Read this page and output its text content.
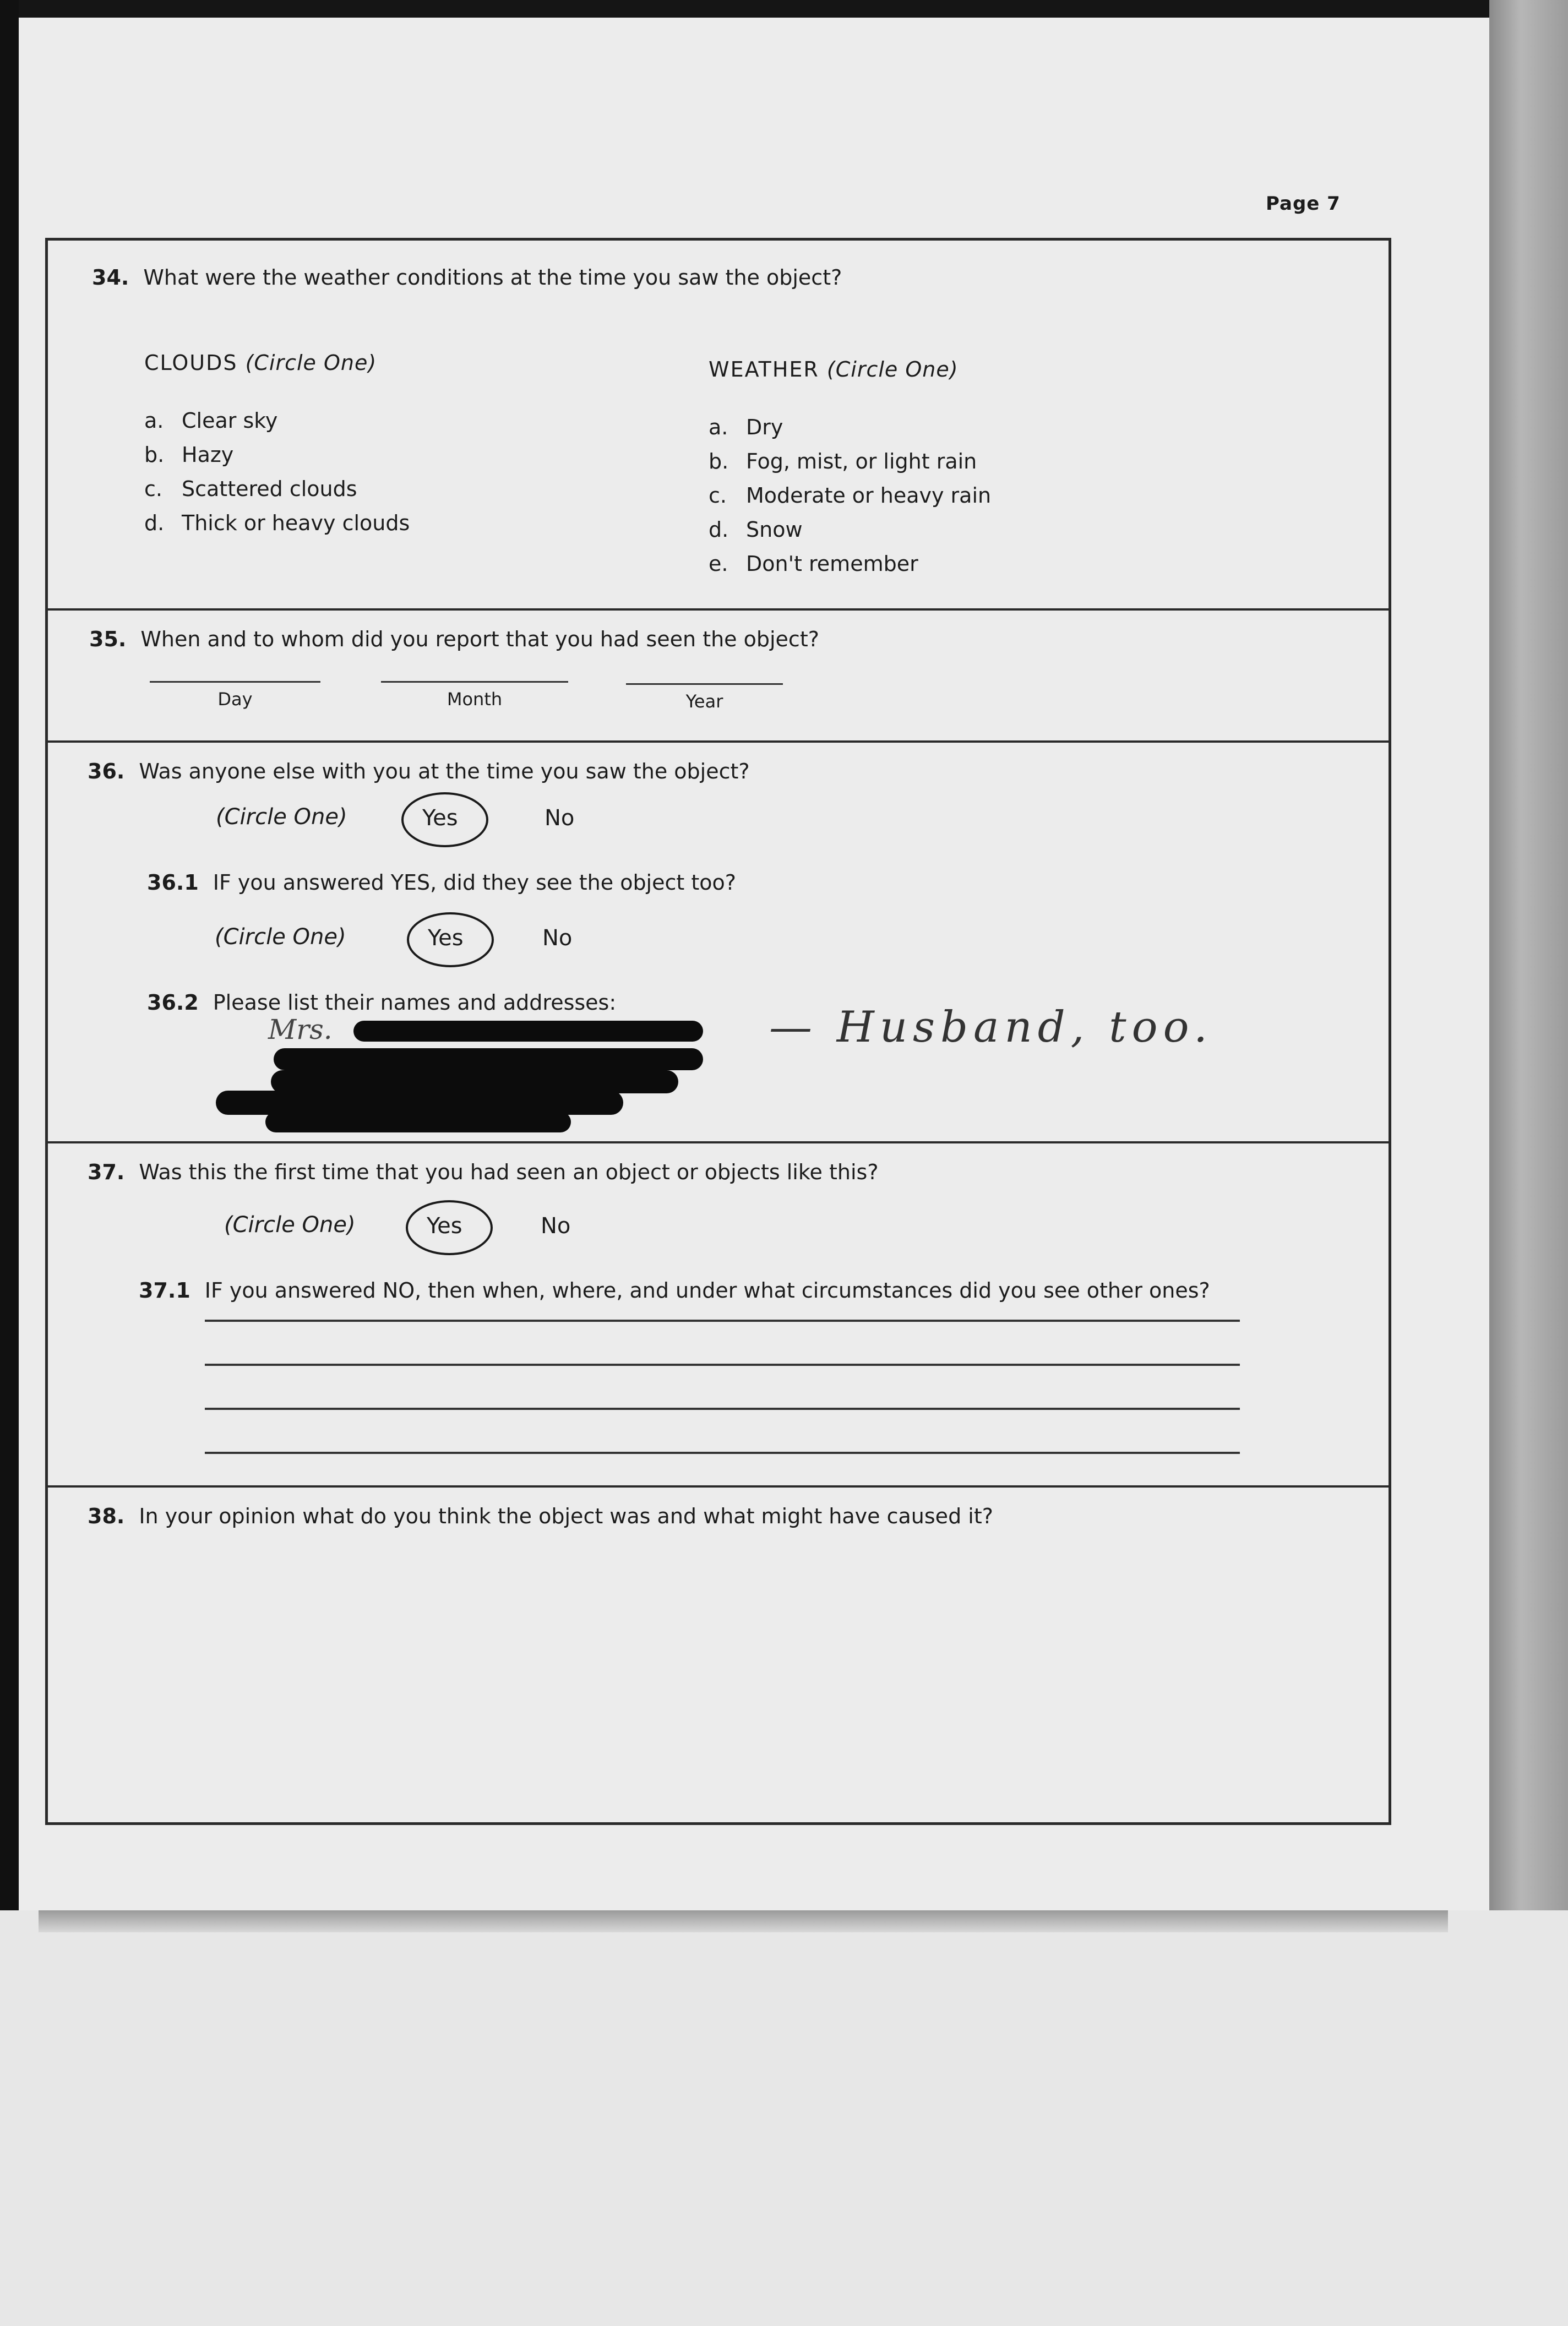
Page 7
34. What were the weather conditions at the time you saw the object?
CLOUDS (Circle One)
a. Clear sky
b. Hazy
c. Scattered clouds
d. Thick or heavy clouds
WEATHER (Circle One)
a. Dry
b. Fog, mist, or light rain
c. Moderate or heavy rain
d. Snow
e. Don't remember
35. When and to whom did you report that you had seen the object?
Day	Month	Year
36. Was anyone else with you at the time you saw the object?
(Circle One)	Yes	No
36.1 IF you answered YES, did they see the object too?
(Circle One)	Yes	No
36.2 Please list their names and addresses:
Mrs.	— Husband, too.
37. Was this the first time that you had seen an object or objects like this?
(Circle One)	Yes	No
37.1 IF you answered NO, then when, where, and under what circumstances did you see other ones?
38. In your opinion what do you think the object was and what might have caused it?
